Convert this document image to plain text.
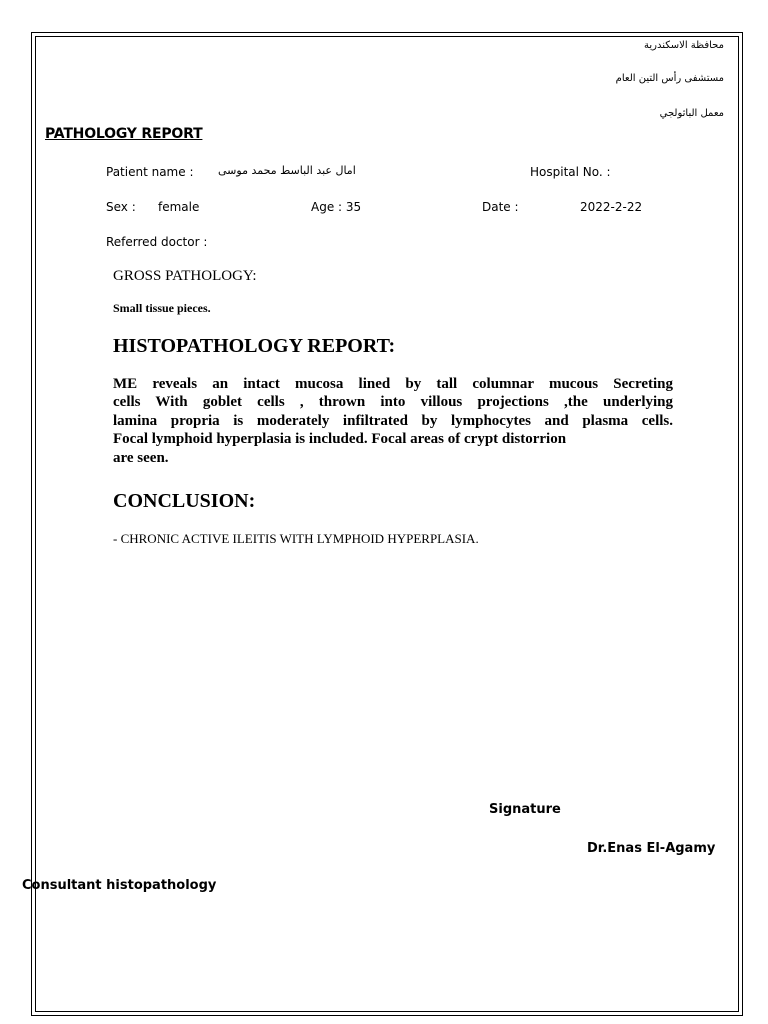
محافظة الاسكندرية
مستشفى رأس التين العام
معمل الباثولجي
PATHOLOGY REPORT
Patient name : امال عبد الباسط محمد موسى	Hospital No. :
Sex : female	Age : 35	Date :	2022-2-22
Referred doctor :
GROSS PATHOLOGY:
Small tissue pieces.
HISTOPATHOLOGY REPORT:
ME reveals an intact mucosa lined by tall columnar mucous Secreting
cells With goblet cells , thrown into villous projections ,the underlying
lamina propria is moderately infiltrated by lymphocytes and plasma cells.
Focal lymphoid hyperplasia is included. Focal areas of crypt distorrion
are seen.
CONCLUSION:
- CHRONIC ACTIVE ILEITIS WITH LYMPHOID HYPERPLASIA.
Signature
Dr.Enas El-Agamy
Consultant histopathology
